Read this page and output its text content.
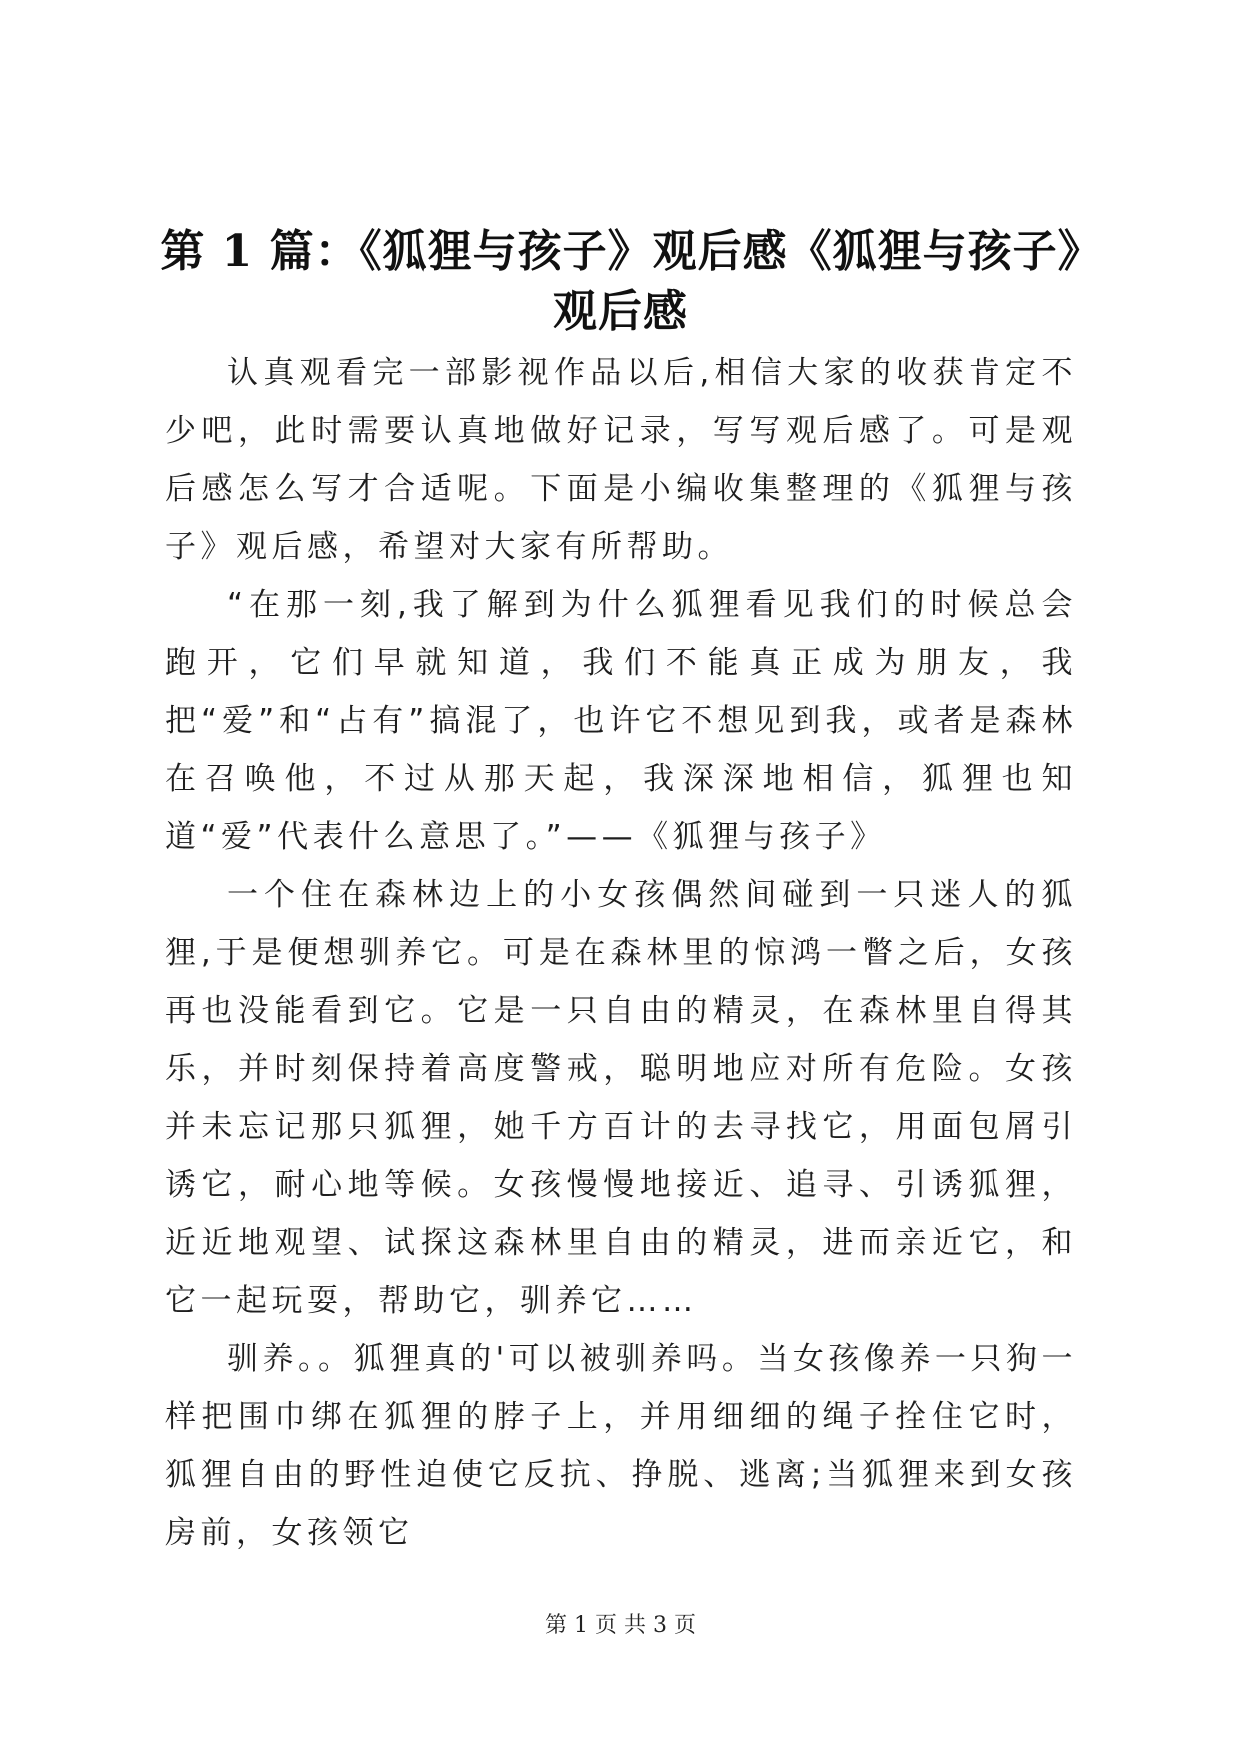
第 1 篇：《狐狸与孩子》观后感《狐狸与孩子》观后感

认真观看完一部影视作品以后,相信大家的收获肯定不少吧，此时需要认真地做好记录，写写观后感了。可是观后感怎么写才合适呢。下面是小编收集整理的《狐狸与孩子》观后感，希望对大家有所帮助。

“在那一刻,我了解到为什么狐狸看见我们的时候总会跑开，它们早就知道，我们不能真正成为朋友，我把“爱”和“占有”搞混了，也许它不想见到我，或者是森林在召唤他，不过从那天起，我深深地相信，狐狸也知道“爱”代表什么意思了。”——《狐狸与孩子》

一个住在森林边上的小女孩偶然间碰到一只迷人的狐狸,于是便想驯养它。可是在森林里的惊鸿一瞥之后，女孩再也没能看到它。它是一只自由的精灵，在森林里自得其乐，并时刻保持着高度警戒，聪明地应对所有危险。女孩并未忘记那只狐狸，她千方百计的去寻找它，用面包屑引诱它，耐心地等候。女孩慢慢地接近、追寻、引诱狐狸，近近地观望、试探这森林里自由的精灵，进而亲近它，和它一起玩耍，帮助它，驯养它……

驯养。。狐狸真的'可以被驯养吗。当女孩像养一只狗一样把围巾绑在狐狸的脖子上，并用细细的绳子拴住它时，狐狸自由的野性迫使它反抗、挣脱、逃离;当狐狸来到女孩房前，女孩领它

第 1 页 共 3 页
